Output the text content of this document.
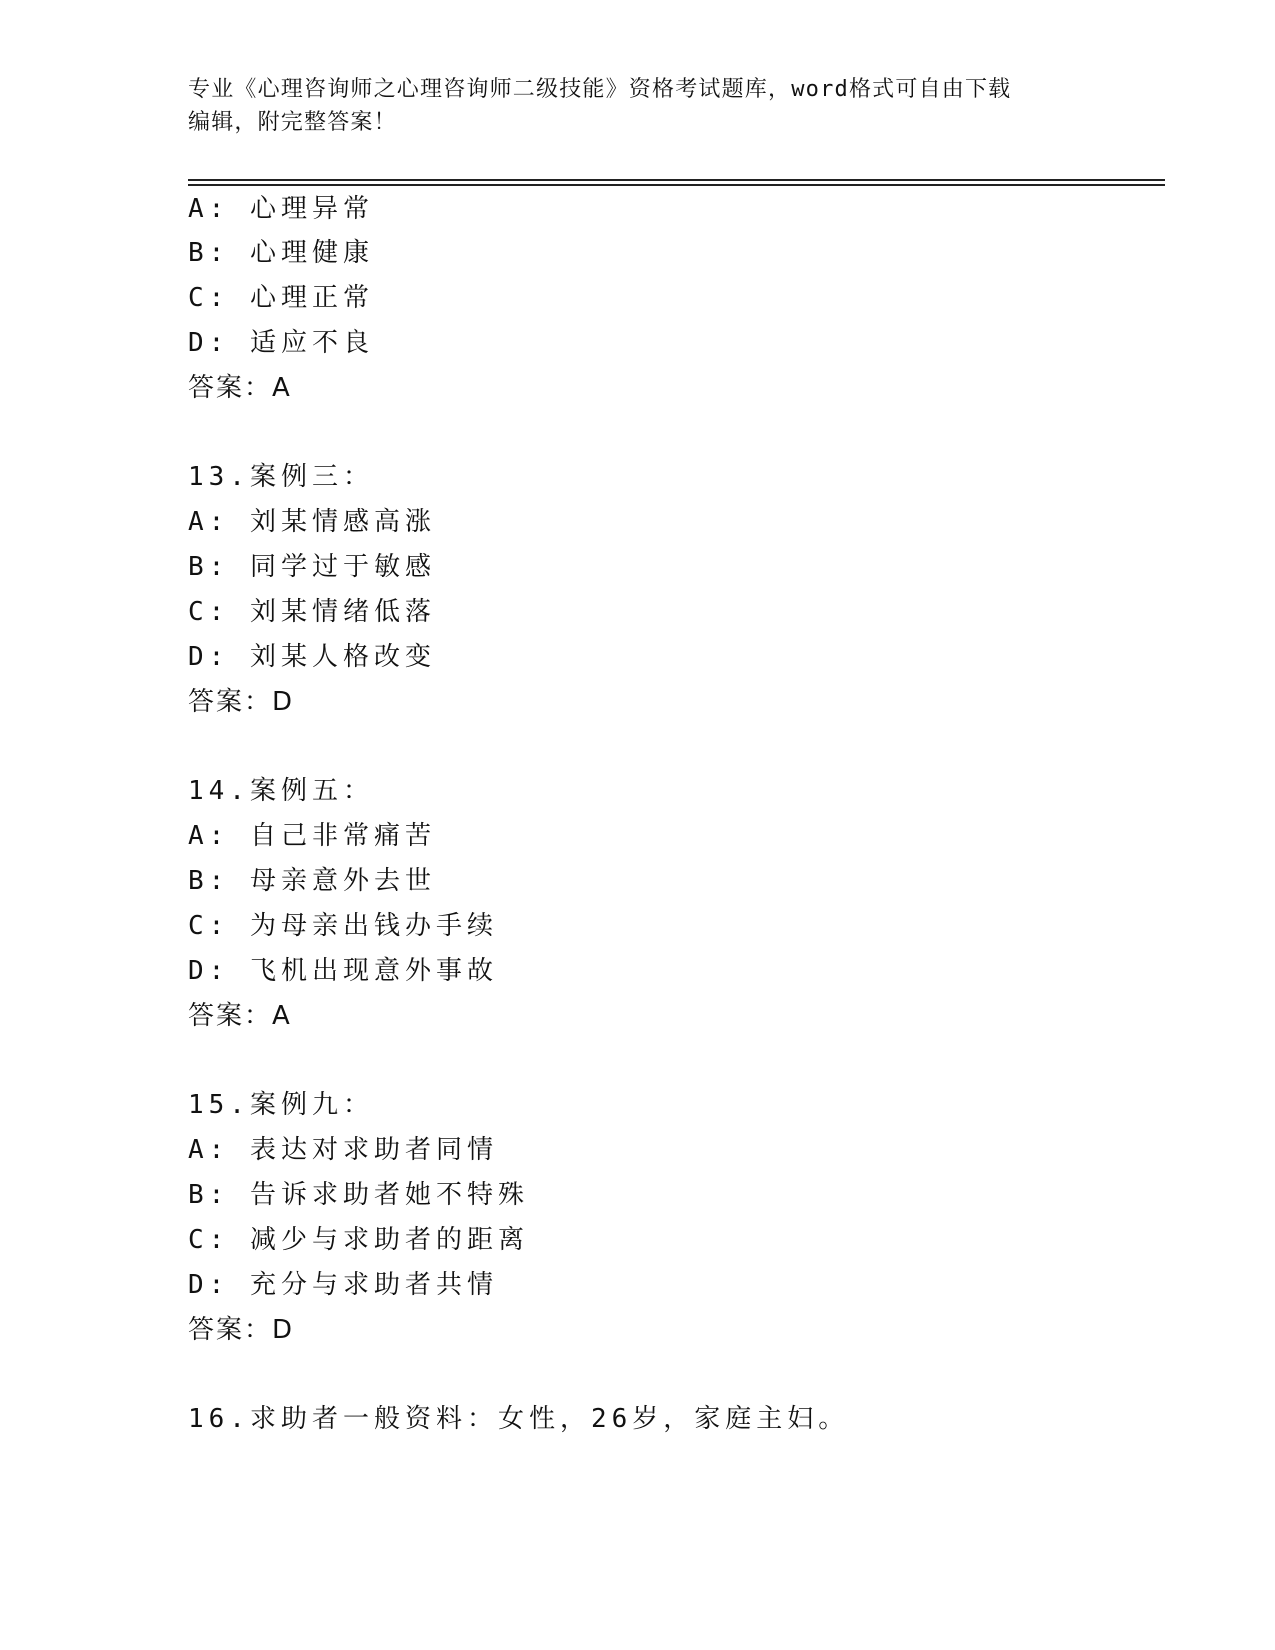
专业《心理咨询师之心理咨询师二级技能》资格考试题库，word格式可自由下载
编辑，附完整答案！
A: 心理异常
B: 心理健康
C: 心理正常
D: 适应不良
答案：A
13.案例三：
A: 刘某情感高涨
B: 同学过于敏感
C: 刘某情绪低落
D: 刘某人格改变
答案：D
14.案例五：
A: 自己非常痛苦
B: 母亲意外去世
C: 为母亲出钱办手续
D: 飞机出现意外事故
答案：A
15.案例九：
A: 表达对求助者同情
B: 告诉求助者她不特殊
C: 减少与求助者的距离
D: 充分与求助者共情
答案：D
16.求助者一般资料：女性，26岁，家庭主妇。
